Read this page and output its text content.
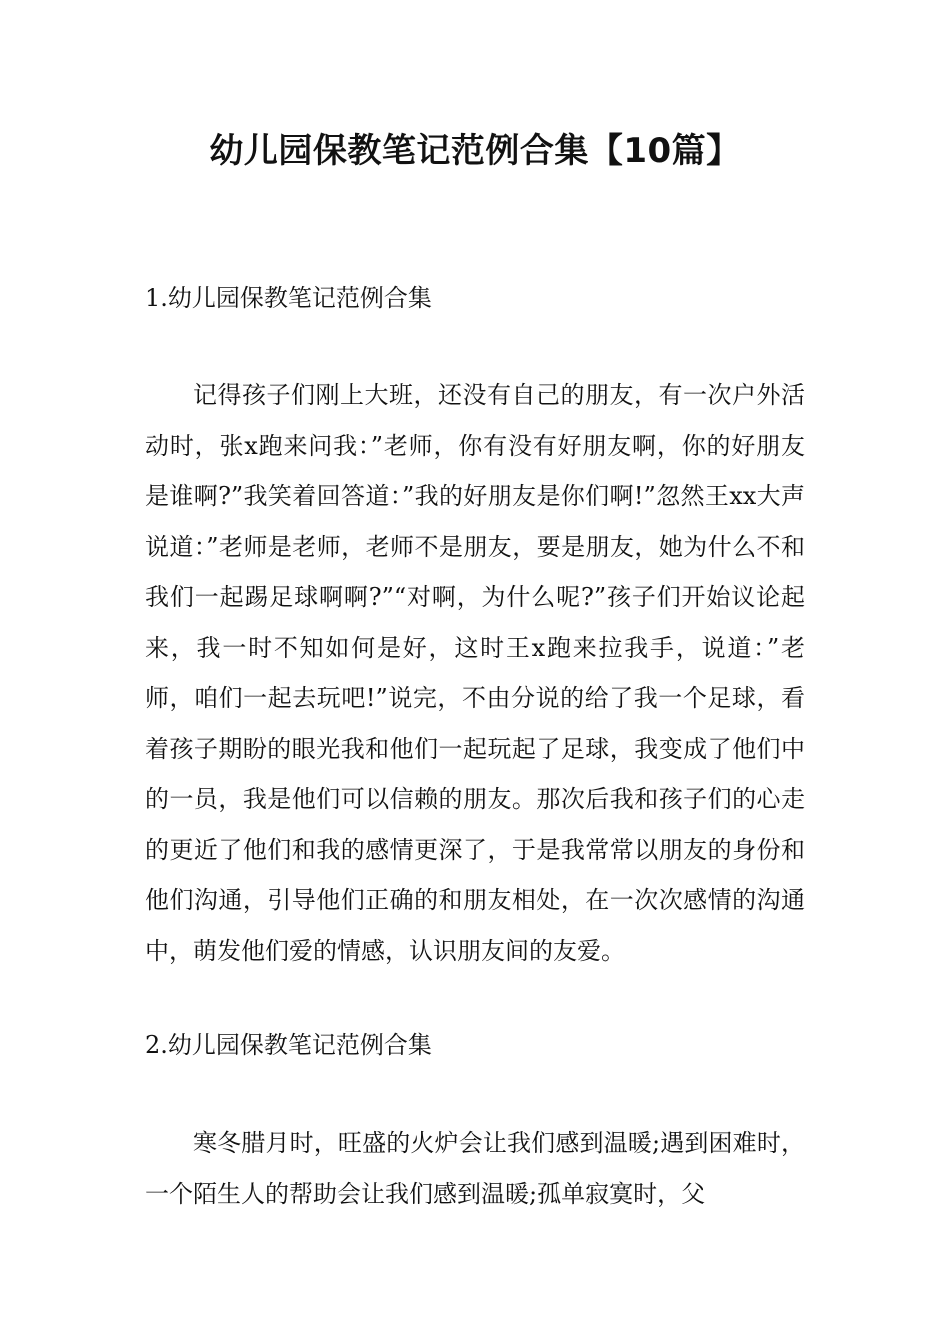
幼儿园保教笔记范例合集【10篇】
1.幼儿园保教笔记范例合集
记得孩子们刚上大班，还没有自己的朋友，有一次户外活动时，张x跑来问我：”老师，你有没有好朋友啊，你的好朋友是谁啊?”我笑着回答道：”我的好朋友是你们啊!”忽然王xx大声说道：”老师是老师，老师不是朋友，要是朋友，她为什么不和我们一起踢足球啊啊?”“对啊，为什么呢?”孩子们开始议论起来，我一时不知如何是好，这时王x跑来拉我手，说道：”老师，咱们一起去玩吧!”说完，不由分说的给了我一个足球，看着孩子期盼的眼光我和他们一起玩起了足球，我变成了他们中的一员，我是他们可以信赖的朋友。那次后我和孩子们的心走的更近了他们和我的感情更深了，于是我常常以朋友的身份和他们沟通，引导他们正确的和朋友相处，在一次次感情的沟通中，萌发他们爱的情感，认识朋友间的友爱。
2.幼儿园保教笔记范例合集
寒冬腊月时，旺盛的火炉会让我们感到温暖;遇到困难时，一个陌生人的帮助会让我们感到温暖;孤单寂寞时，父
